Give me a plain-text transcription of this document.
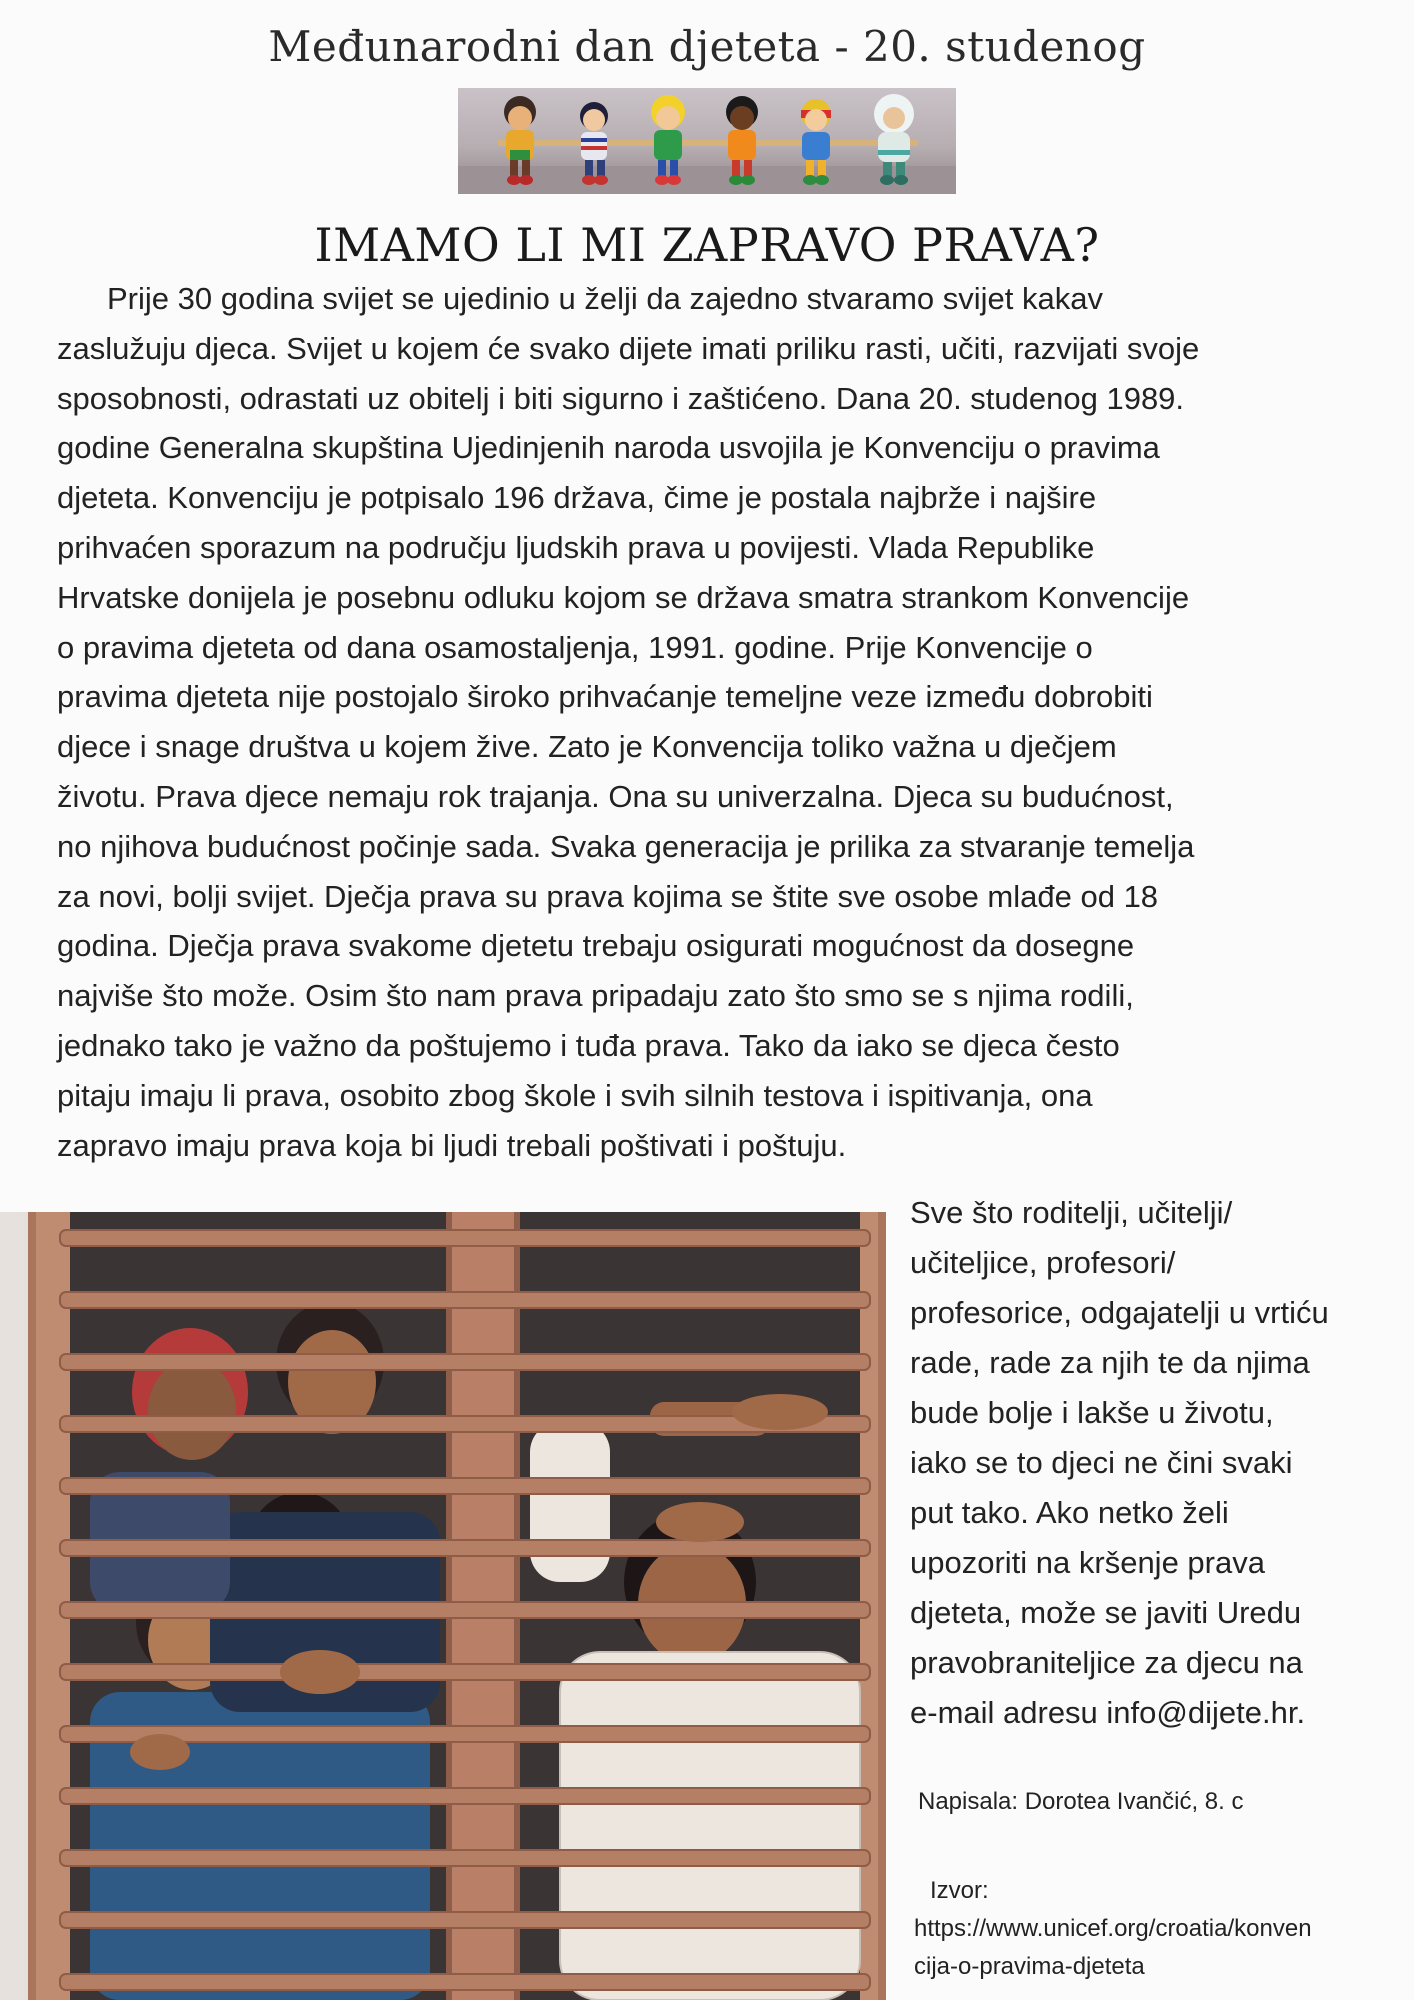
Međunarodni dan djeteta - 20. studenog
IMAMO LI MI ZAPRAVO PRAVA?
Prije 30 godina svijet se ujedinio u želji da zajedno stvaramo svijet kakav
zaslužuju djeca. Svijet u kojem će svako dijete imati priliku rasti, učiti, razvijati svoje
sposobnosti, odrastati uz obitelj i biti sigurno i zaštićeno. Dana 20. studenog 1989.
godine Generalna skupština Ujedinjenih naroda usvojila je Konvenciju o pravima
djeteta. Konvenciju je potpisalo 196 država, čime je postala najbrže i najšire
prihvaćen sporazum na području ljudskih prava u povijesti. Vlada Republike
Hrvatske donijela je posebnu odluku kojom se država smatra strankom Konvencije
o pravima djeteta od dana osamostaljenja, 1991. godine. Prije Konvencije o
pravima djeteta nije postojalo široko prihvaćanje temeljne veze između dobrobiti
djece i snage društva u kojem žive. Zato je Konvencija toliko važna u dječjem
životu. Prava djece nemaju rok trajanja. Ona su univerzalna. Djeca su budućnost,
no njihova budućnost počinje sada. Svaka generacija je prilika za stvaranje temelja
za novi, bolji svijet. Dječja prava su prava kojima se štite sve osobe mlađe od 18
godina. Dječja prava svakome djetetu trebaju osigurati mogućnost da dosegne
najviše što može. Osim što nam prava pripadaju zato što smo se s njima rodili,
jednako tako je važno da poštujemo i tuđa prava. Tako da iako se djeca često
pitaju imaju li prava, osobito zbog škole i svih silnih testova i ispitivanja, ona
zapravo imaju prava koja bi ljudi trebali poštivati i poštuju.
Sve što roditelji, učitelji/
učiteljice, profesori/
profesorice, odgajatelji u vrtiću
rade, rade za njih te da njima
bude bolje i lakše u životu,
iako se to djeci ne čini svaki
put tako. Ako netko želi
upozoriti na kršenje prava
djeteta, može se javiti Uredu
pravobraniteljice za djecu na
e-mail adresu info@dijete.hr.
Napisala: Dorotea Ivančić, 8. c
Izvor:
https://www.unicef.org/croatia/konven
cija-o-pravima-djeteta
